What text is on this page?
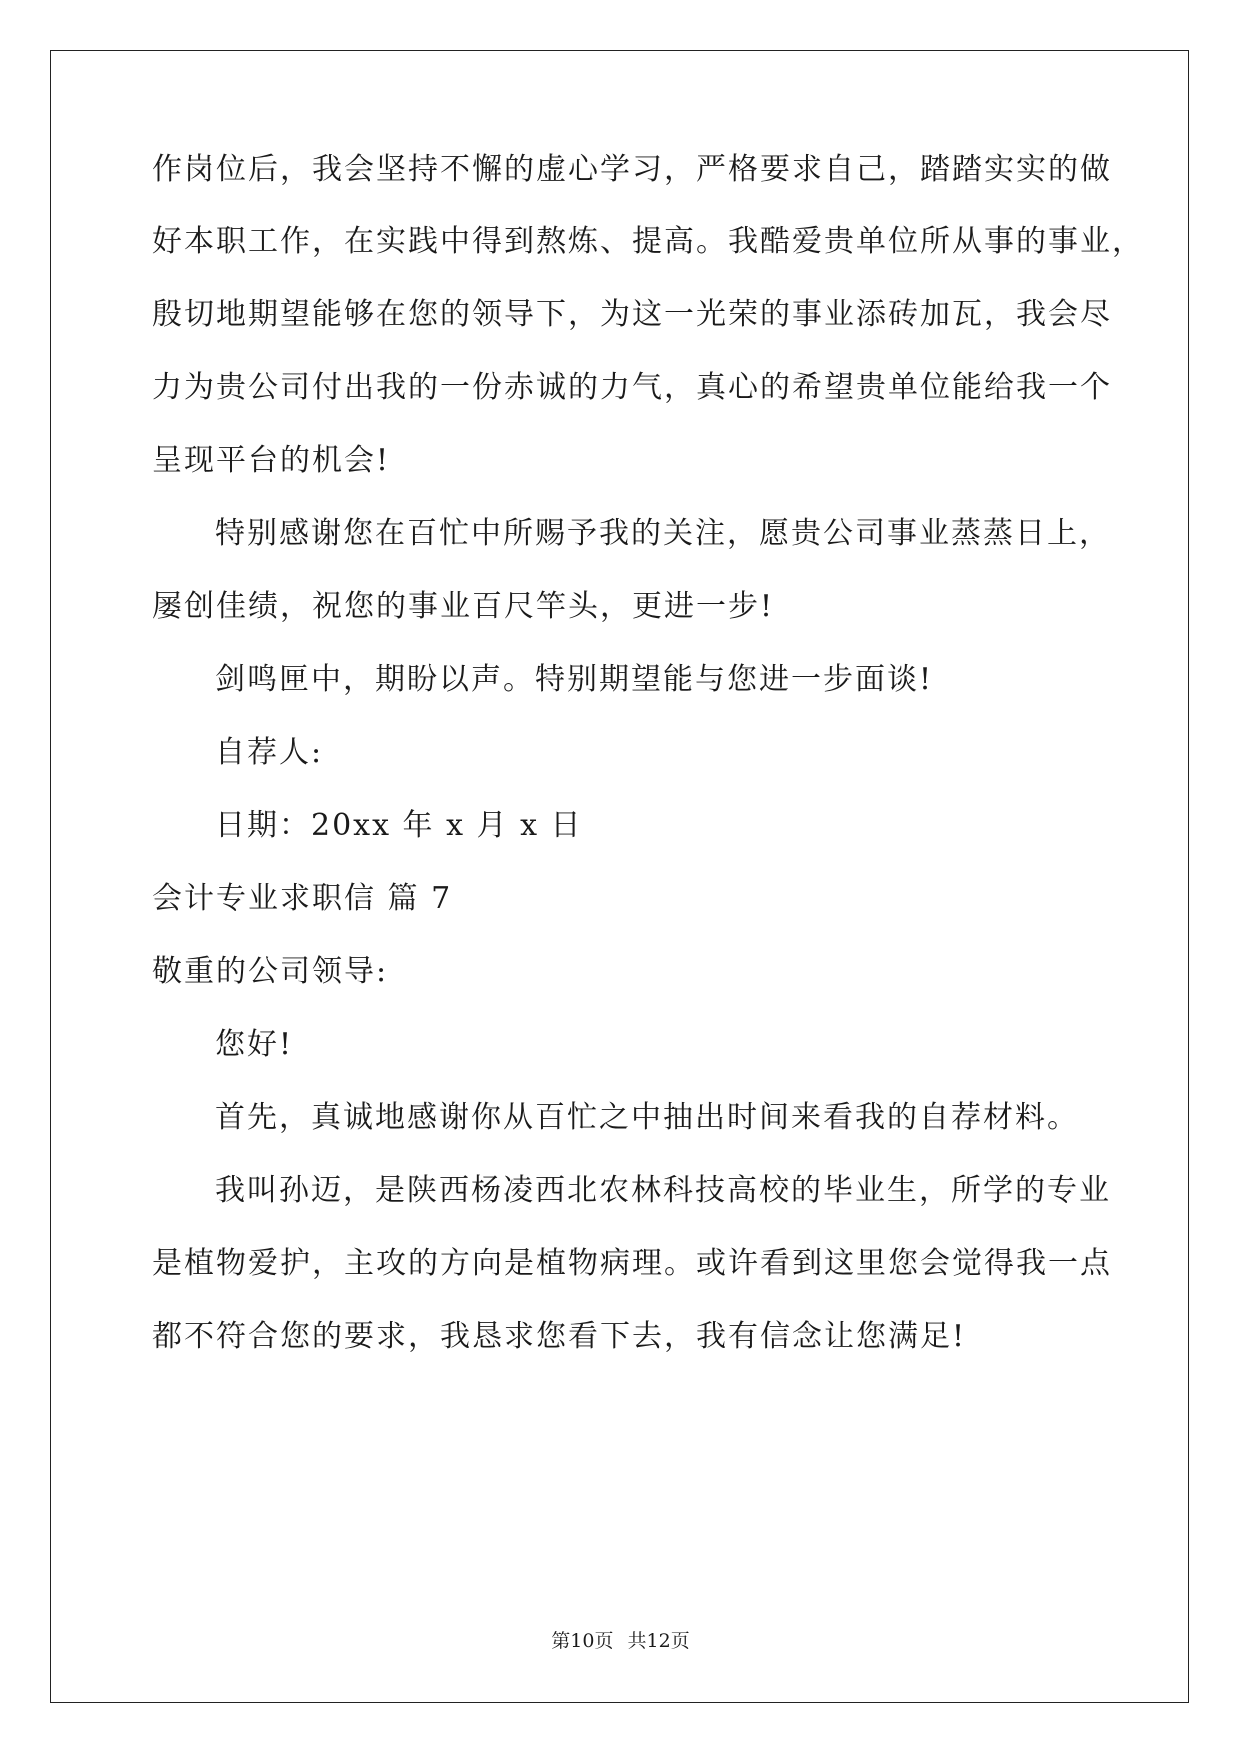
作岗位后，我会坚持不懈的虚心学习，严格要求自己，踏踏实实的做
好本职工作，在实践中得到熬炼、提高。我酷爱贵单位所从事的事业，
殷切地期望能够在您的领导下，为这一光荣的事业添砖加瓦，我会尽
力为贵公司付出我的一份赤诚的力气，真心的希望贵单位能给我一个
呈现平台的机会!
特别感谢您在百忙中所赐予我的关注，愿贵公司事业蒸蒸日上，
屡创佳绩，祝您的事业百尺竿头，更进一步!
剑鸣匣中，期盼以声。特别期望能与您进一步面谈!
自荐人:
日期：20xx 年 x 月 x 日
会计专业求职信 篇 7
敬重的公司领导:
您好!
首先，真诚地感谢你从百忙之中抽出时间来看我的自荐材料。
我叫孙迈，是陕西杨凌西北农林科技高校的毕业生，所学的专业
是植物爱护，主攻的方向是植物病理。或许看到这里您会觉得我一点
都不符合您的要求，我恳求您看下去，我有信念让您满足!
第10页 共12页
